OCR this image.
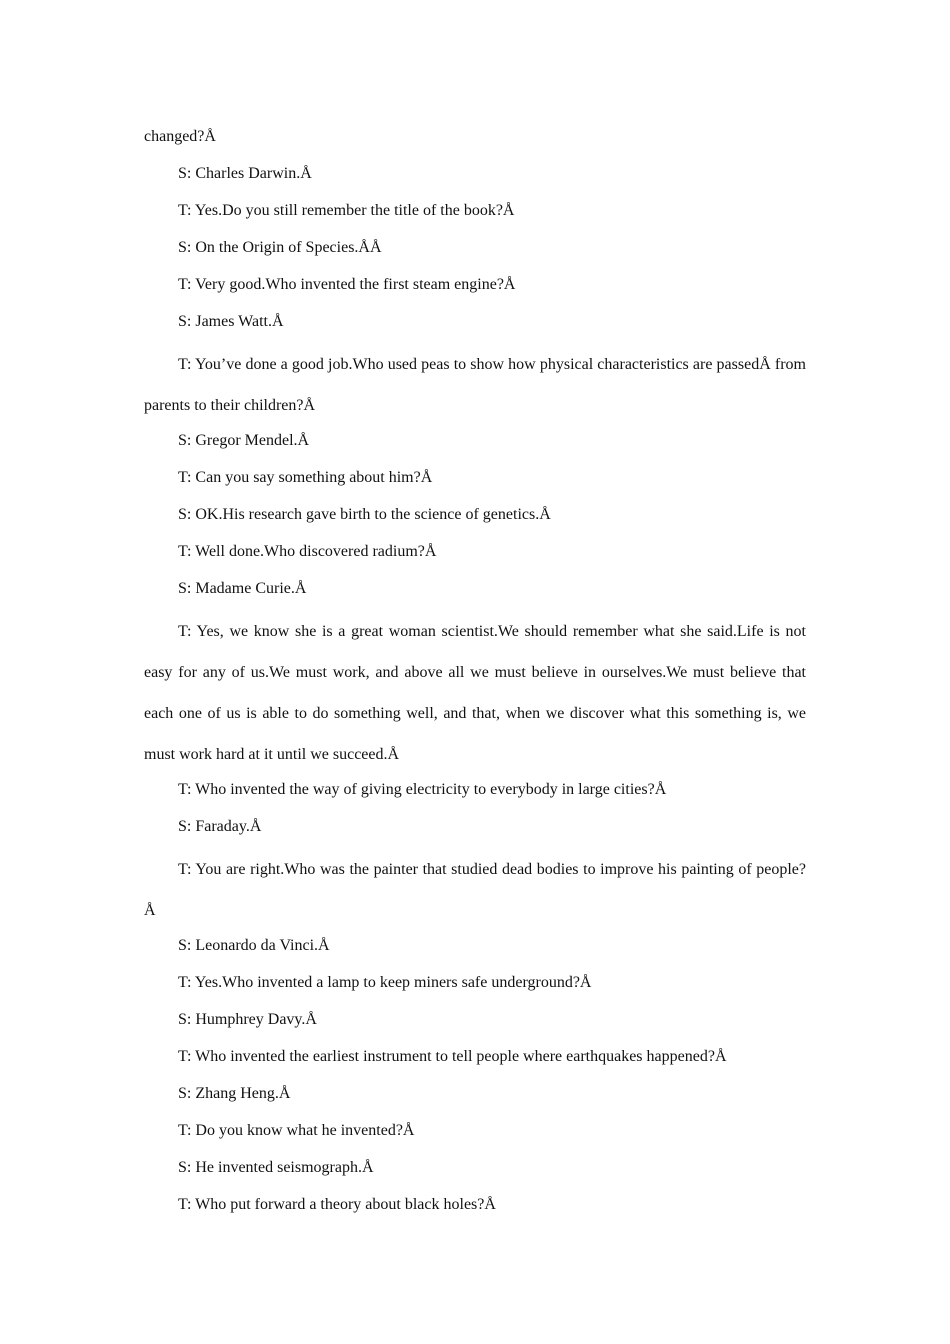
changed?Å

S: Charles Darwin.Å

T: Yes.Do you still remember the title of the book?Å

S: On the Origin of Species.ÅÅ

T: Very good.Who invented the first steam engine?Å

S: James Watt.Å

T: You’ve done a good job.Who used peas to show how physical characteristics are passedÅ from parents to their children?Å

S: Gregor Mendel.Å

T: Can you say something about him?Å

S: OK.His research gave birth to the science of genetics.Å

T: Well done.Who discovered radium?Å

S: Madame Curie.Å

T: Yes, we know she is a great woman scientist.We should remember what she said.Life is not easy for any of us.We must work, and above all we must believe in ourselves.We must believe that each one of us is able to do something well, and that, when we discover what this something is, we must work hard at it until we succeed.Å

T: Who invented the way of giving electricity to everybody in large cities?Å

S: Faraday.Å

T: You are right.Who was the painter that studied dead bodies to improve his painting of people?Å

S: Leonardo da Vinci.Å

T: Yes.Who invented a lamp to keep miners safe underground?Å

S: Humphrey Davy.Å

T: Who invented the earliest instrument to tell people where earthquakes happened?Å

S: Zhang Heng.Å

T: Do you know what he invented?Å

S: He invented seismograph.Å

T: Who put forward a theory about black holes?Å
